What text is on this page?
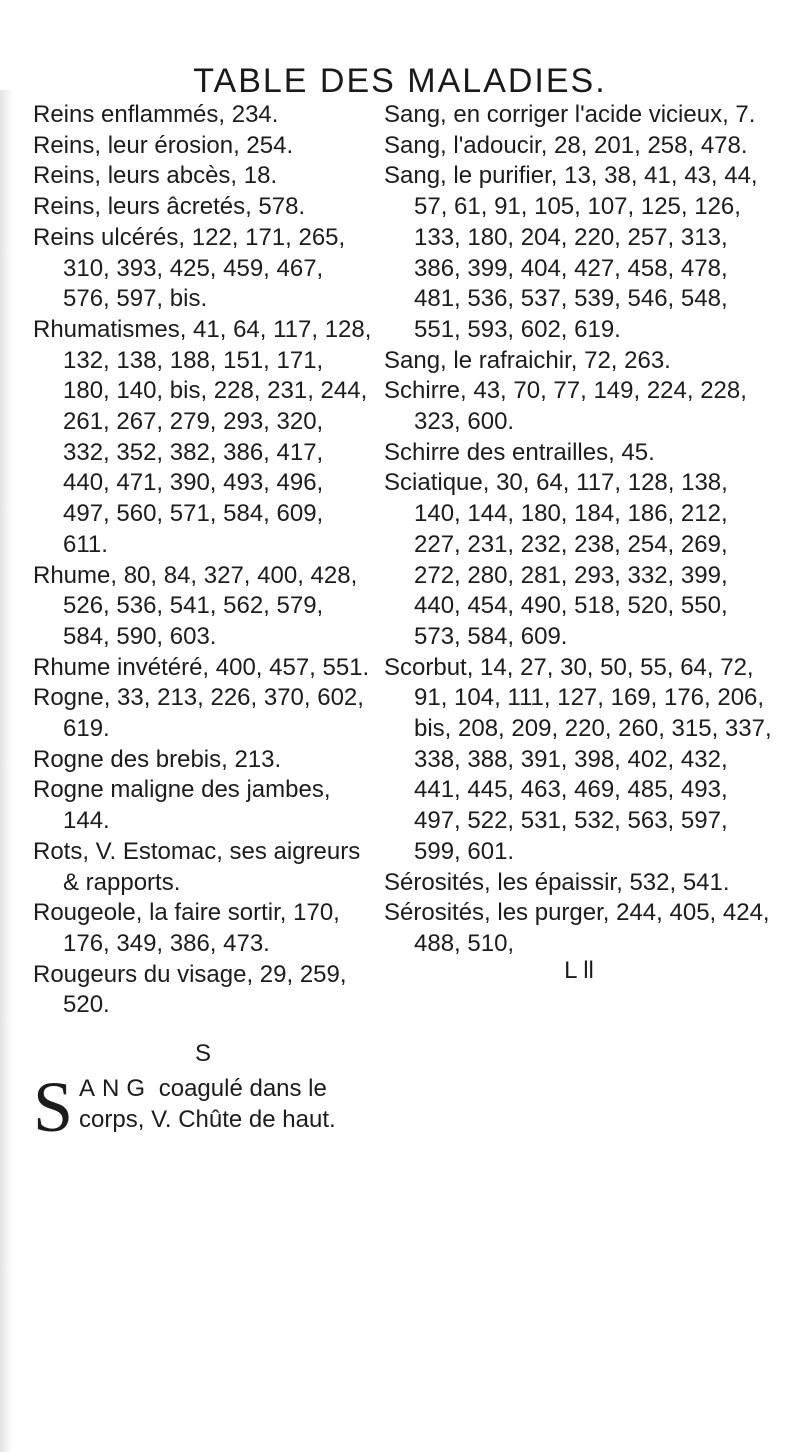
TABLE DES MALADIES.

Reins enflammés, 234.

Reins, leur érosion, 254.

Reins, leurs abcès, 18.

Reins, leurs âcretés, 578.

Reins ulcérés, 122, 171, 265, 310, 393, 425, 459, 467, 576, 597, bis.

Rhumatismes, 41, 64, 117, 128, 132, 138, 188, 151, 171, 180, 140, bis, 228, 231, 244, 261, 267, 279, 293, 320, 332, 352, 382, 386, 417, 440, 471, 390, 493, 496, 497, 560, 571, 584, 609, 611.

Rhume, 80, 84, 327, 400, 428, 526, 536, 541, 562, 579, 584, 590, 603.

Rhume invétéré, 400, 457, 551.

Rogne, 33, 213, 226, 370, 602, 619.

Rogne des brebis, 213.

Rogne maligne des jambes, 144.

Rots, V. Estomac, ses aigreurs & rapports.

Rougeole, la faire sortir, 170, 176, 349, 386, 473.

Rougeurs du visage, 29, 259, 520.

S

SANG coagulé dans le corps, V. Chûte de haut.

Sang, en corriger l'acide vicieux, 7.

Sang, l'adoucir, 28, 201, 258, 478.

Sang, le purifier, 13, 38, 41, 43, 44, 57, 61, 91, 105, 107, 125, 126, 133, 180, 204, 220, 257, 313, 386, 399, 404, 427, 458, 478, 481, 536, 537, 539, 546, 548, 551, 593, 602, 619.

Sang, le rafraichir, 72, 263.

Schirre, 43, 70, 77, 149, 224, 228, 323, 600.

Schirre des entrailles, 45.

Sciatique, 30, 64, 117, 128, 138, 140, 144, 180, 184, 186, 212, 227, 231, 232, 238, 254, 269, 272, 280, 281, 293, 332, 399, 440, 454, 490, 518, 520, 550, 573, 584, 609.

Scorbut, 14, 27, 30, 50, 55, 64, 72, 91, 104, 111, 127, 169, 176, 206, bis, 208, 209, 220, 260, 315, 337, 338, 388, 391, 398, 402, 432, 441, 445, 463, 469, 485, 493, 497, 522, 531, 532, 563, 597, 599, 601.

Sérosités, les épaissir, 532, 541.

Sérosités, les purger, 244, 405, 424, 488, 510,

L ll
